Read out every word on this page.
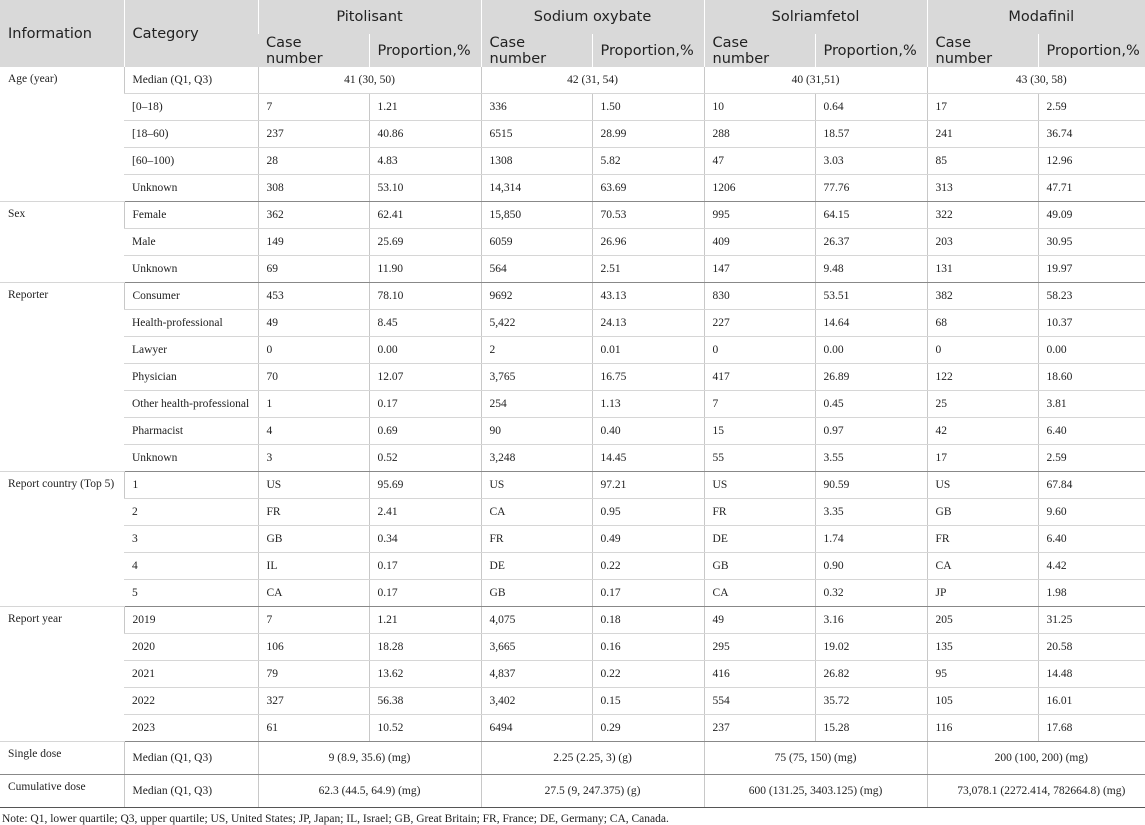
Information	Category	Pitolisant		Sodium oxybate		Solriamfetol		Modafinil	
		Case number	Proportion,%	Case number	Proportion,%	Case number	Proportion,%	Case number	Proportion,%
Age (year)	Median (Q1, Q3)	41 (30, 50)		42 (31, 54)		40 (31,51)		43 (30, 58)	
	[0–18)	7	1.21	336	1.50	10	0.64	17	2.59
	[18–60)	237	40.86	6515	28.99	288	18.57	241	36.74
	[60–100)	28	4.83	1308	5.82	47	3.03	85	12.96
	Unknown	308	53.10	14,314	63.69	1206	77.76	313	47.71
Sex	Female	362	62.41	15,850	70.53	995	64.15	322	49.09
	Male	149	25.69	6059	26.96	409	26.37	203	30.95
	Unknown	69	11.90	564	2.51	147	9.48	131	19.97
Reporter	Consumer	453	78.10	9692	43.13	830	53.51	382	58.23
	Health-professional	49	8.45	5,422	24.13	227	14.64	68	10.37
	Lawyer	0	0.00	2	0.01	0	0.00	0	0.00
	Physician	70	12.07	3,765	16.75	417	26.89	122	18.60
	Other health-professional	1	0.17	254	1.13	7	0.45	25	3.81
	Pharmacist	4	0.69	90	0.40	15	0.97	42	6.40
	Unknown	3	0.52	3,248	14.45	55	3.55	17	2.59
Report country (Top 5)	1	US	95.69	US	97.21	US	90.59	US	67.84
	2	FR	2.41	CA	0.95	FR	3.35	GB	9.60
	3	GB	0.34	FR	0.49	DE	1.74	FR	6.40
	4	IL	0.17	DE	0.22	GB	0.90	CA	4.42
	5	CA	0.17	GB	0.17	CA	0.32	JP	1.98
Report year	2019	7	1.21	4,075	0.18	49	3.16	205	31.25
	2020	106	18.28	3,665	0.16	295	19.02	135	20.58
	2021	79	13.62	4,837	0.22	416	26.82	95	14.48
	2022	327	56.38	3,402	0.15	554	35.72	105	16.01
	2023	61	10.52	6494	0.29	237	15.28	116	17.68
Single dose	Median (Q1, Q3)	9 (8.9, 35.6) (mg)		2.25 (2.25, 3) (g)		75 (75, 150) (mg)		200 (100, 200) (mg)	
Cumulative dose	Median (Q1, Q3)	62.3 (44.5, 64.9) (mg)		27.5 (9, 247.375) (g)		600 (131.25, 3403.125) (mg)		73,078.1 (2272.414, 782664.8) (mg)	
Note: Q1, lower quartile; Q3, upper quartile; US, United States; JP, Japan; IL, Israel; GB, Great Britain; FR, France; DE, Germany; CA, Canada.
